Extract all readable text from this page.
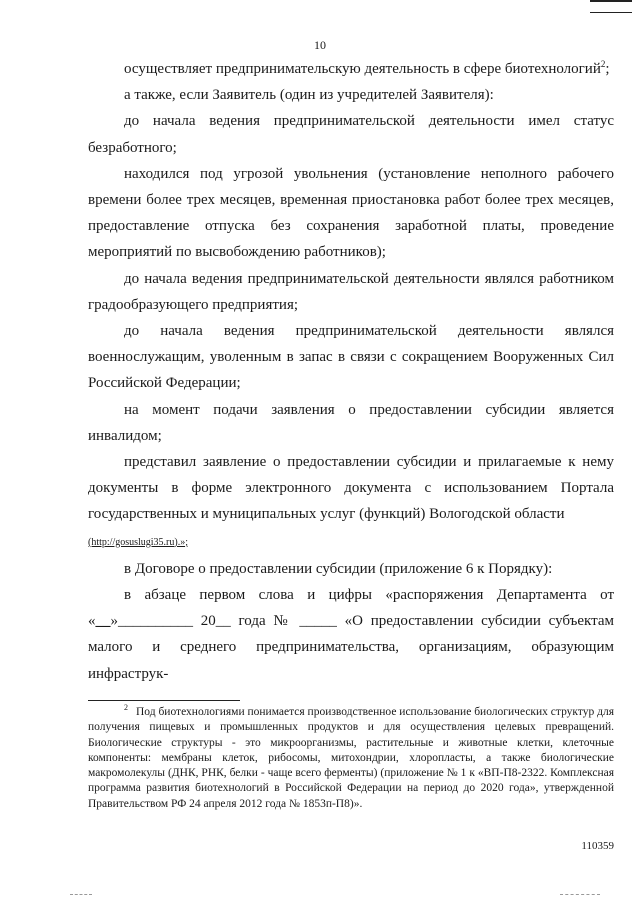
10

осуществляет предпринимательскую деятельность в сфере биотехнологий$^2$;

а также, если Заявитель (один из учредителей Заявителя):

до начала ведения предпринимательской деятельности имел статус безработного;

находился под угрозой увольнения (установление неполного рабочего времени более трех месяцев, временная приостановка работ более трех месяцев, предоставление отпуска без сохранения заработной платы, проведение мероприятий по высвобождению работников);

до начала ведения предпринимательской деятельности являлся работником градообразующего предприятия;

до начала ведения предпринимательской деятельности являлся военнослужащим, уволенным в запас в связи с сокращением Вооруженных Сил Российской Федерации;

на момент подачи заявления о предоставлении субсидии является инвалидом;

представил заявление о предоставлении субсидии и прилагаемые к нему документы в форме электронного документа с использованием Портала государственных и муниципальных услуг (функций) Вологодской области
(http://gosuslugi35.ru).»;

в Договоре о предоставлении субсидии (приложение 6 к Порядку):

в абзаце первом слова и цифры «распоряжения Департамента от «__»__________ 20__ года № _____ «О предоставлении субсидии субъектам малого и среднего предпринимательства, организациям, образующим инфраструк-

$^2$ Под биотехнологиями понимается производственное использование биологических структур для получения пищевых и промышленных продуктов и для осуществления целевых превращений. Биологические структуры - это микроорганизмы, растительные и животные клетки, клеточные компоненты: мембраны клеток, рибосомы, митохондрии, хлоропласты, а также биологические макромолекулы (ДНК, РНК, белки - чаще всего ферменты) (приложение № 1 к «ВП-П8-2322. Комплексная программа развития биотехнологий в Российской Федерации на период до 2020 года», утвержденной Правительством РФ 24 апреля 2012 года № 1853п-П8)».
110359
